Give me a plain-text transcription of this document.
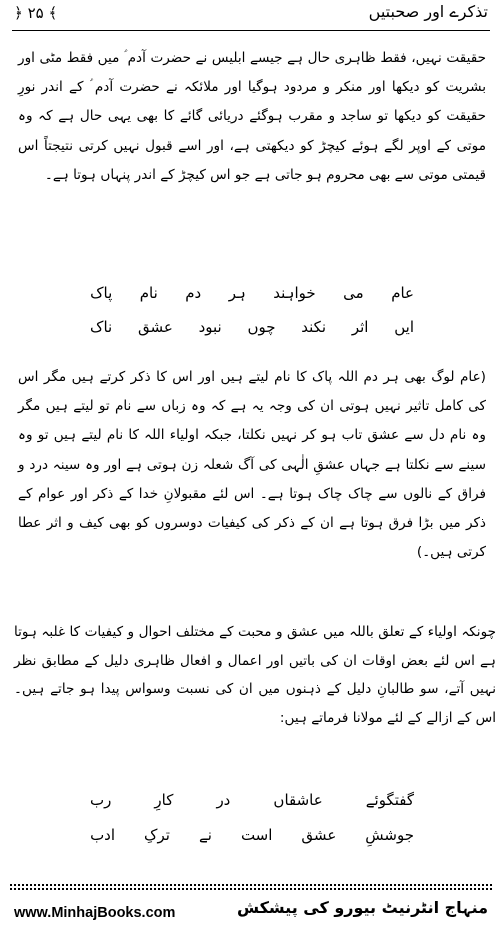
تذکرے اور صحبتیں
﴾ ۲۵ ﴿

حقیقت نہیں، فقط ظاہری حال ہے جیسے ابلیس نے حضرت آدم ؑ میں فقط مٹی اور بشریت کو دیکھا اور منکر و مردود ہوگیا اور ملائکہ نے حضرت آدم ؑ کے اندر نورِ حقیقت کو دیکھا تو ساجد و مقرب ہوگئے دریائی گائے کا بھی یہی حال ہے کہ وہ موتی کے اوپر لگے ہوئے کیچڑ کو دیکھتی ہے، اور اسے قبول نہیں کرتی نتیجتاً اس قیمتی موتی سے بھی محروم ہو جاتی ہے جو اس کیچڑ کے اندر پنہاں ہوتا ہے۔

عام
می
خواہند
ہر
دم
نام
پاک
ایں
اثر
نکند
چوں
نبود
عشق
ناک

(عام لوگ بھی ہر دم اللہ پاک کا نام لیتے ہیں اور اس کا ذکر کرتے ہیں مگر اس کی کامل تاثیر نہیں ہوتی ان کی وجہ یہ ہے کہ وہ زباں سے نام تو لیتے ہیں مگر وہ نام دل سے عشق تاب ہو کر نہیں نکلتا، جبکہ اولیاء اللہ کا نام لیتے ہیں تو وہ سینے سے نکلتا ہے جہاں عشقِ الٰہی کی آگ شعلہ زن ہوتی ہے اور وہ سینہ درد و فراق کے نالوں سے چاک چاک ہوتا ہے۔ اس لئے مقبولانِ خدا کے ذکر اور عوام کے ذکر میں بڑا فرق ہوتا ہے ان کے ذکر کی کیفیات دوسروں کو بھی کیف و اثر عطا کرتی ہیں۔)

چونکہ اولیاء کے تعلق باللہ میں عشق و محبت کے مختلف احوال و کیفیات کا غلبہ ہوتا ہے اس لئے بعض اوقات ان کی باتیں اور اعمال و افعال ظاہری دلیل کے مطابق نظر نہیں آتے، سو طالبانِ دلیل کے ذہنوں میں ان کی نسبت وسواس پیدا ہو جاتے ہیں۔ اس کے ازالے کے لئے مولانا فرماتے ہیں:

گفتگوئے
عاشقاں
در
کارِ
رب
جوششِ
عشق
است
نے
ترکِ
ادب
www.MinhajBooks.com	منہاج انٹرنیٹ بیورو کی پیشکش
